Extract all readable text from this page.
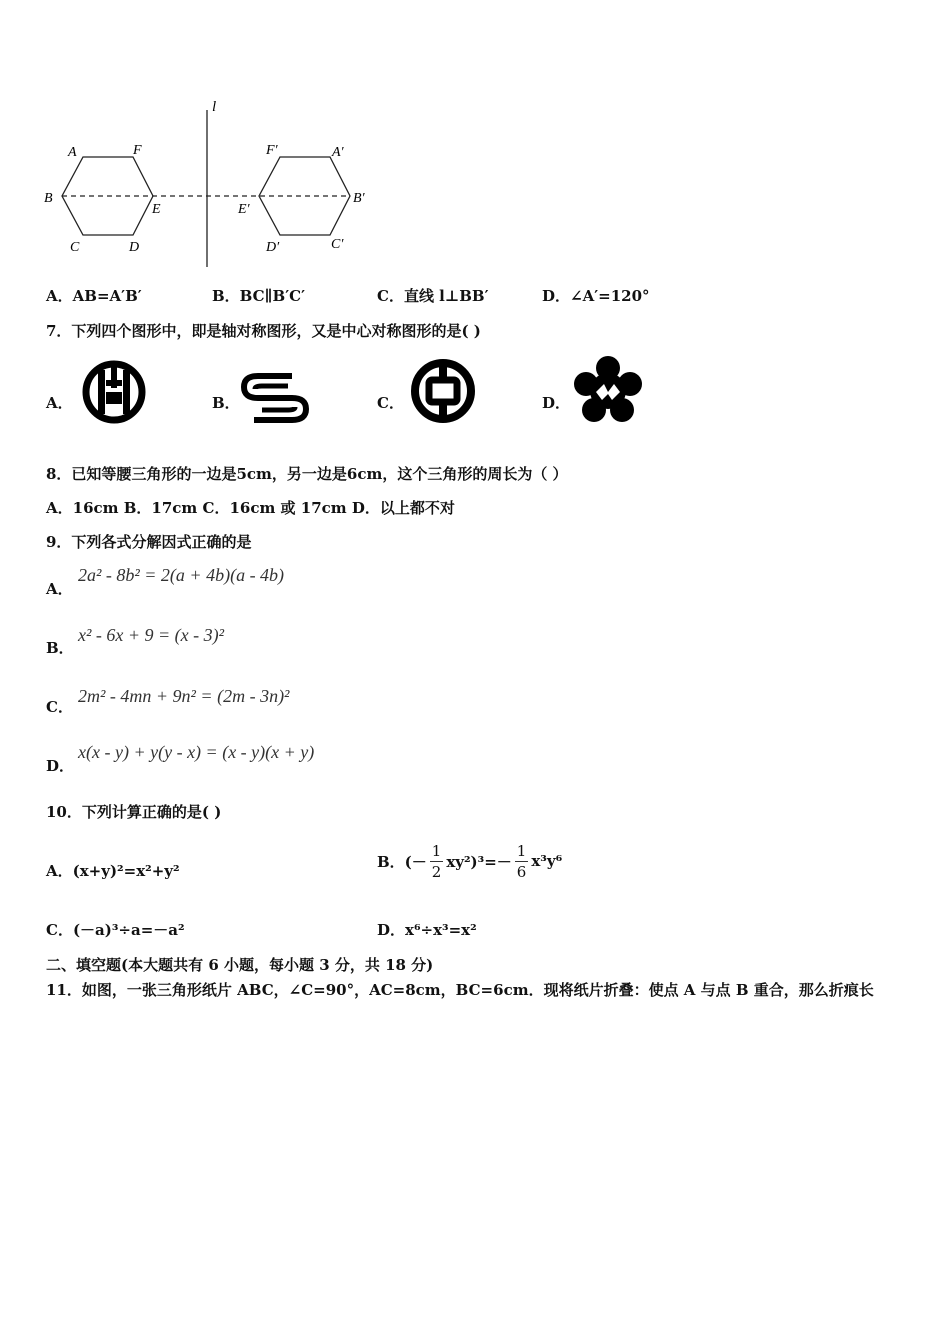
l
A	F
B
E
C	D
F′	A′
E′
B′
D′	C′
A．AB=A′B′	B．BC∥B′C′	C．直线 l⊥BB′	D．∠A′=120°
7．下列四个图形中，即是轴对称图形，又是中心对称图形的是( )
A．	B．	C．	D．
8．已知等腰三角形的一边是5cm，另一边是6cm，这个三角形的周长为（ ）
A．16cm B．17cm C．16cm 或 17cm D．以上都不对
9．下列各式分解因式正确的是
A．
2a² - 8b² = 2(a + 4b)(a - 4b)
B．
x² - 6x + 9 = (x - 3)²
C．
2m² - 4mn + 9n² = (2m - 3n)²
D．
x(x - y) + y(y - x) = (x - y)(x + y)
10．下列计算正确的是( )
A．(x+y)²=x²+y²
B．(－ $\frac{1}{2} xy^2)^3=- \frac{1}{6} x^3y^6$
C．(－a)³÷a=－a²	D．x⁶÷x³=x²
二、填空题(本大题共有 6 小题，每小题 3 分，共 18 分)
11．如图，一张三角形纸片 ABC，∠C=90°，AC=8cm，BC=6cm．现将纸片折叠：使点 A 与点 B 重合，那么折痕长
